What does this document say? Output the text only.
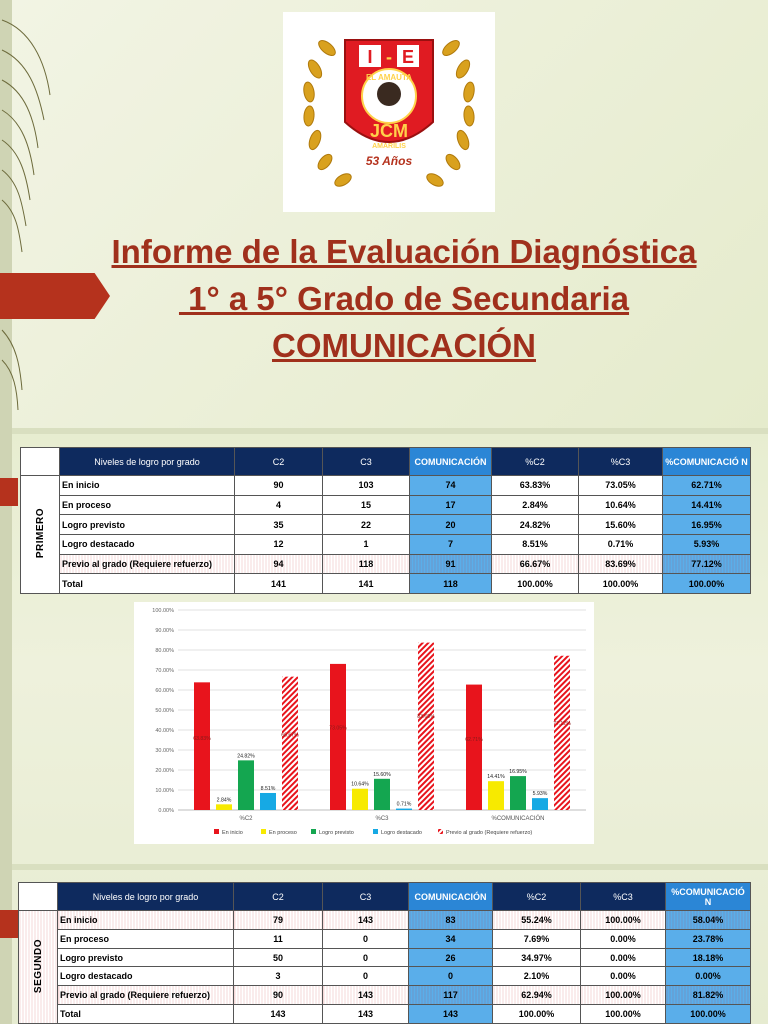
I - E
EL AMAUTA
JCM
AMARILIS
53 Años
Informe de la Evaluación Diagnóstica
1° a 5° Grado de Secundaria
COMUNICACIÓN
	Niveles de logro por grado	C2	C3	COMUNICACIÓN	%C2	%C3	%COMUNICACIÓ N
PRIMERO	En inicio	90	103	74	63.83%	73.05%	62.71%
	En proceso	4	15	17	2.84%	10.64%	14.41%
	Logro previsto	35	22	20	24.82%	15.60%	16.95%
	Logro destacado	12	1	7	8.51%	0.71%	5.93%
	Previo al grado (Requiere refuerzo)	94	118	91	66.67%	83.69%	77.12%
	Total	141	141	118	100.00%	100.00%	100.00%
0.00%
10.00%
20.00%
30.00%
40.00%
50.00%
60.00%
70.00%
80.00%
90.00%
100.00%
63.83%
2.84%
24.82%
8.51%
66.67%
%C2
73.05%
10.64%
15.60%
0.71%
83.69%
%C3
62.71%
14.41%
16.95%
5.93%
77.12%
%COMUNICACIÓN
En inicio	En proceso	Logro previsto	Logro destacado	Previo al grado (Requiere refuerzo)
	Niveles de logro por grado	C2	C3	COMUNICACIÓN	%C2	%C3	%COMUNICACIÓ N
SEGUNDO	En inicio	79	143	83	55.24%	100.00%	58.04%
	En proceso	11	0	34	7.69%	0.00%	23.78%
	Logro previsto	50	0	26	34.97%	0.00%	18.18%
	Logro destacado	3	0	0	2.10%	0.00%	0.00%
	Previo al grado (Requiere refuerzo)	90	143	117	62.94%	100.00%	81.82%
	Total	143	143	143	100.00%	100.00%	100.00%
